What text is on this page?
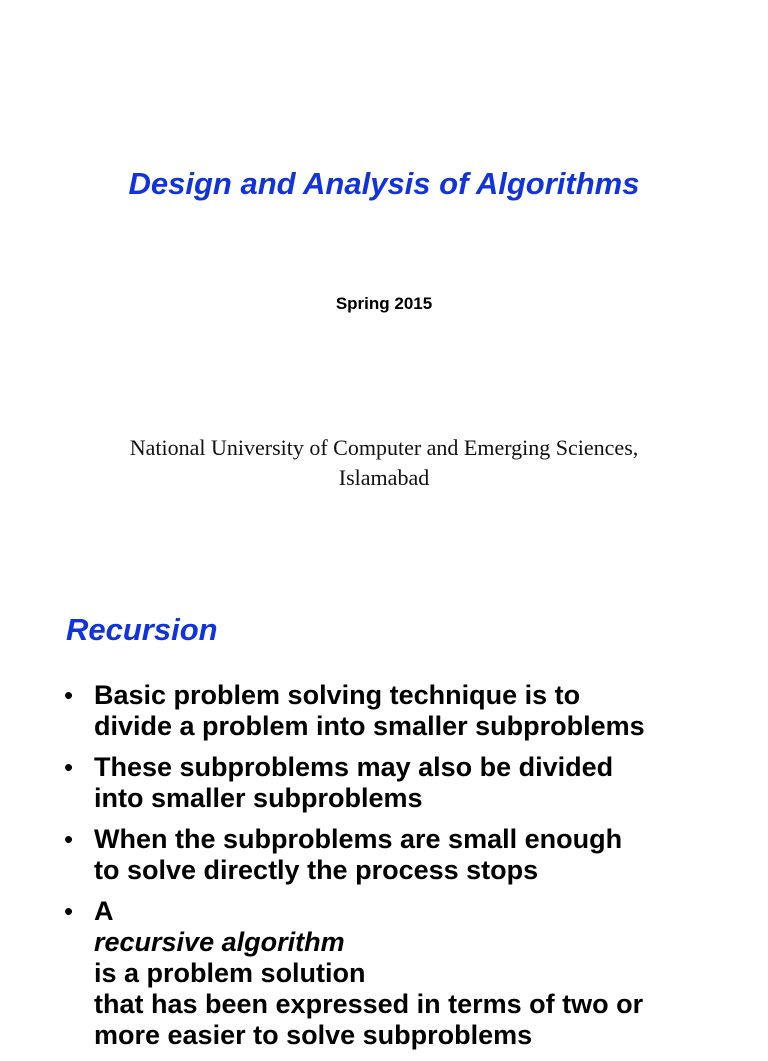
Design and Analysis of Algorithms

Spring 2015

National University of Computer and Emerging Sciences,
Islamabad

Recursion
• Basic problem solving technique is to
divide a problem into smaller subproblems
• These subproblems may also be divided
into smaller subproblems
• When the subproblems are small enough
to solve directly the process stops
• A
recursive algorithm
is a problem solution
that has been expressed in terms of two or
more easier to solve subproblems
